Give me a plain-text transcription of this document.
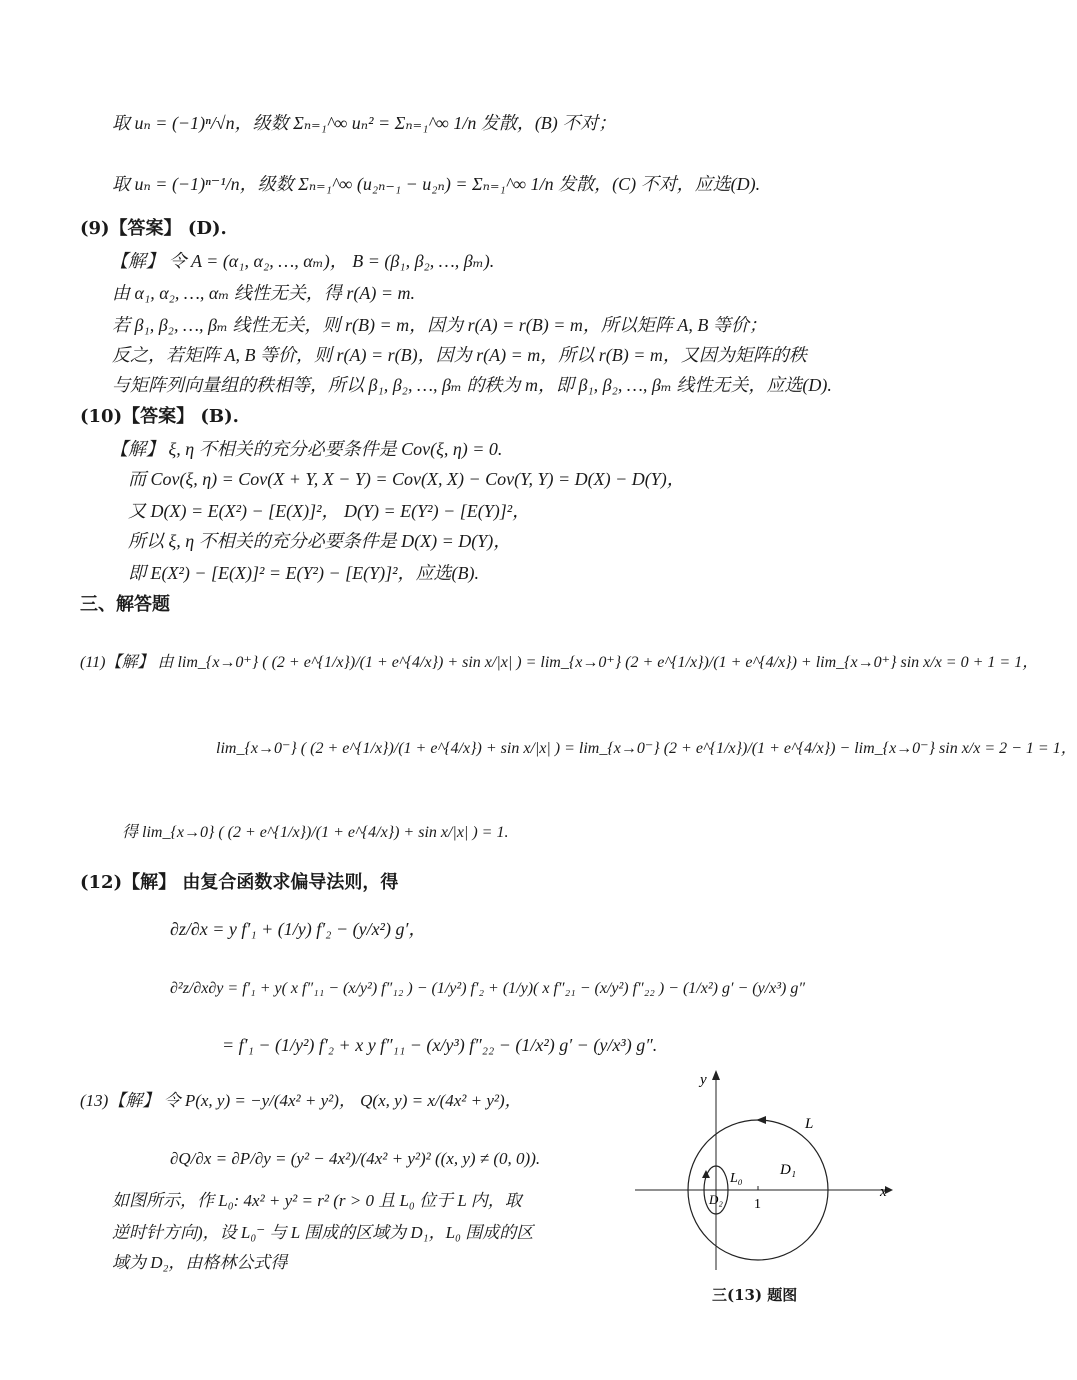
取 uₙ = (−1)ⁿ/√n，级数 Σₙ₌₁^∞ uₙ² = Σₙ₌₁^∞ 1/n 发散，(B) 不对；
取 uₙ = (−1)ⁿ⁻¹/n，级数 Σₙ₌₁^∞ (u₂ₙ₋₁ − u₂ₙ) = Σₙ₌₁^∞ 1/n 发散，(C) 不对，应选(D).
(9)【答案】 (D).
【解】 令 A = (α₁, α₂, …, αₘ)， B = (β₁, β₂, …, βₘ).
由 α₁, α₂, …, αₘ 线性无关，得 r(A) = m.
若 β₁, β₂, …, βₘ 线性无关，则 r(B) = m，因为 r(A) = r(B) = m，所以矩阵 A, B 等价；
反之，若矩阵 A, B 等价，则 r(A) = r(B)，因为 r(A) = m，所以 r(B) = m，又因为矩阵的秩
与矩阵列向量组的秩相等，所以 β₁, β₂, …, βₘ 的秩为 m，即 β₁, β₂, …, βₘ 线性无关，应选(D).
(10)【答案】 (B).
【解】 ξ, η 不相关的充分必要条件是 Cov(ξ, η) = 0.
而 Cov(ξ, η) = Cov(X + Y, X − Y) = Cov(X, X) − Cov(Y, Y) = D(X) − D(Y)，
又 D(X) = E(X²) − [E(X)]²， D(Y) = E(Y²) − [E(Y)]²，
所以 ξ, η 不相关的充分必要条件是 D(X) = D(Y)，
即 E(X²) − [E(X)]² = E(Y²) − [E(Y)]²，应选(B).
三、解答题
(11)【解】 由 lim_{x→0⁺} ( (2 + e^{1/x})/(1 + e^{4/x}) + sin x/|x| ) = lim_{x→0⁺} (2 + e^{1/x})/(1 + e^{4/x}) + lim_{x→0⁺} sin x/x = 0 + 1 = 1，
lim_{x→0⁻} ( (2 + e^{1/x})/(1 + e^{4/x}) + sin x/|x| ) = lim_{x→0⁻} (2 + e^{1/x})/(1 + e^{4/x}) − lim_{x→0⁻} sin x/x = 2 − 1 = 1，
得 lim_{x→0} ( (2 + e^{1/x})/(1 + e^{4/x}) + sin x/|x| ) = 1.
(12)【解】 由复合函数求偏导法则，得
∂z/∂x = y f′₁ + (1/y) f′₂ − (y/x²) g′，
∂²z/∂x∂y = f′₁ + y( x f″₁₁ − (x/y²) f″₁₂ ) − (1/y²) f′₂ + (1/y)( x f″₂₁ − (x/y²) f″₂₂ ) − (1/x²) g′ − (y/x³) g″
= f′₁ − (1/y²) f′₂ + x y f″₁₁ − (x/y³) f″₂₂ − (1/x²) g′ − (y/x³) g″.
(13)【解】 令 P(x, y) = −y/(4x² + y²)， Q(x, y) = x/(4x² + y²)，
∂Q/∂x = ∂P/∂y = (y² − 4x²)/(4x² + y²)² ((x, y) ≠ (0, 0)).
如图所示，作 L₀: 4x² + y² = r² (r > 0 且 L₀ 位于 L 内，取
逆时针方向)，设 L₀⁻ 与 L 围成的区域为 D₁，L₀ 围成的区
域为 D₂，由格林公式得
y
x
L
L₀
D₁
D₂ 1
三(13) 题图
